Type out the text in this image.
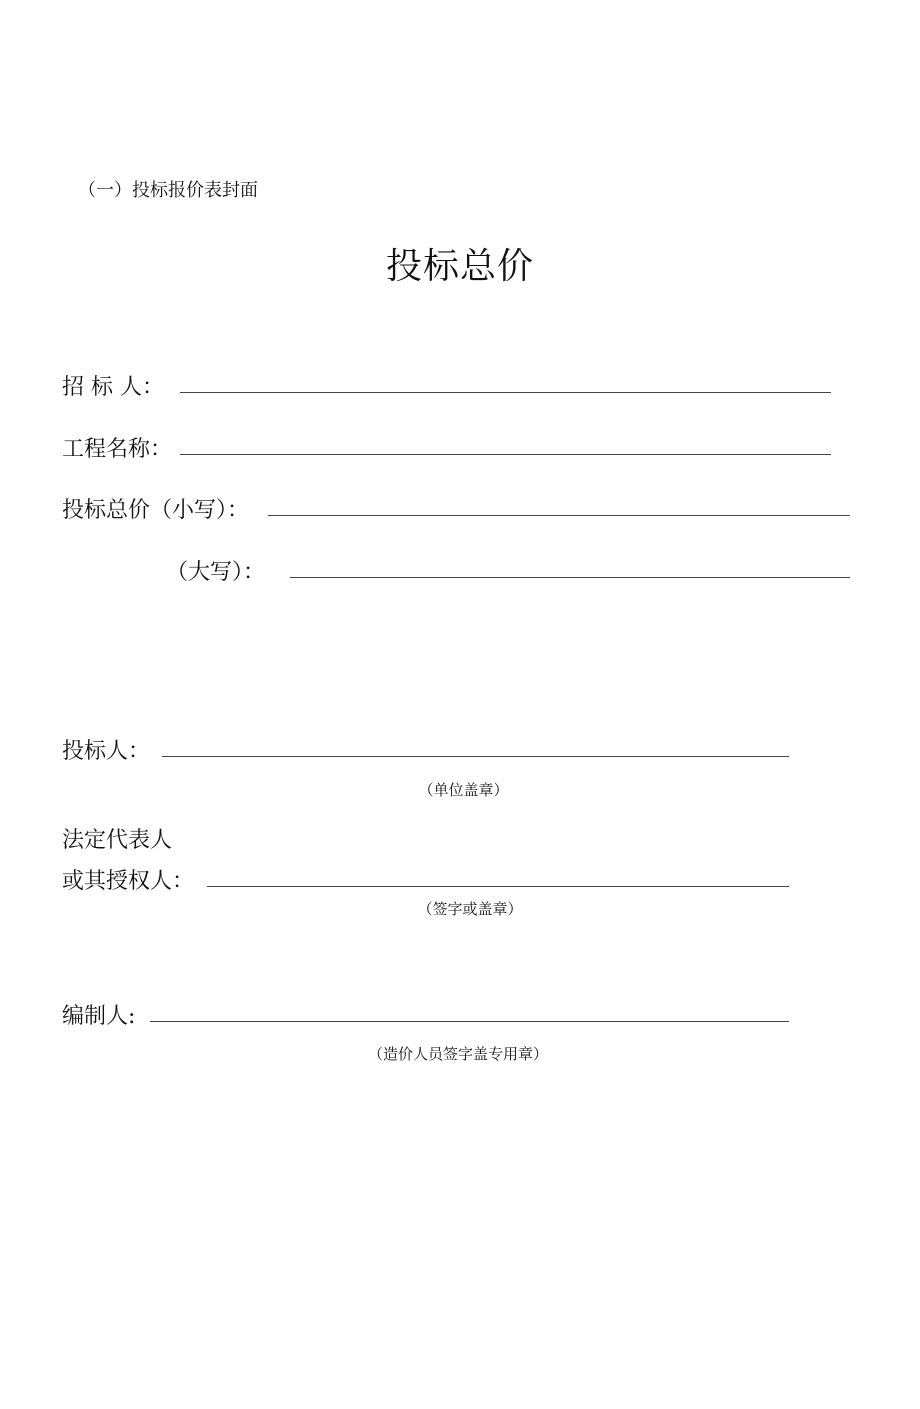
（一）投标报价表封面
投标总价
招 标 人：
工程名称：
投标总价（小写）：
（大写）：
投标人：
（单位盖章）
法定代表人
或其授权人：
（签字或盖章）
编制人:
（造价人员签字盖专用章）
